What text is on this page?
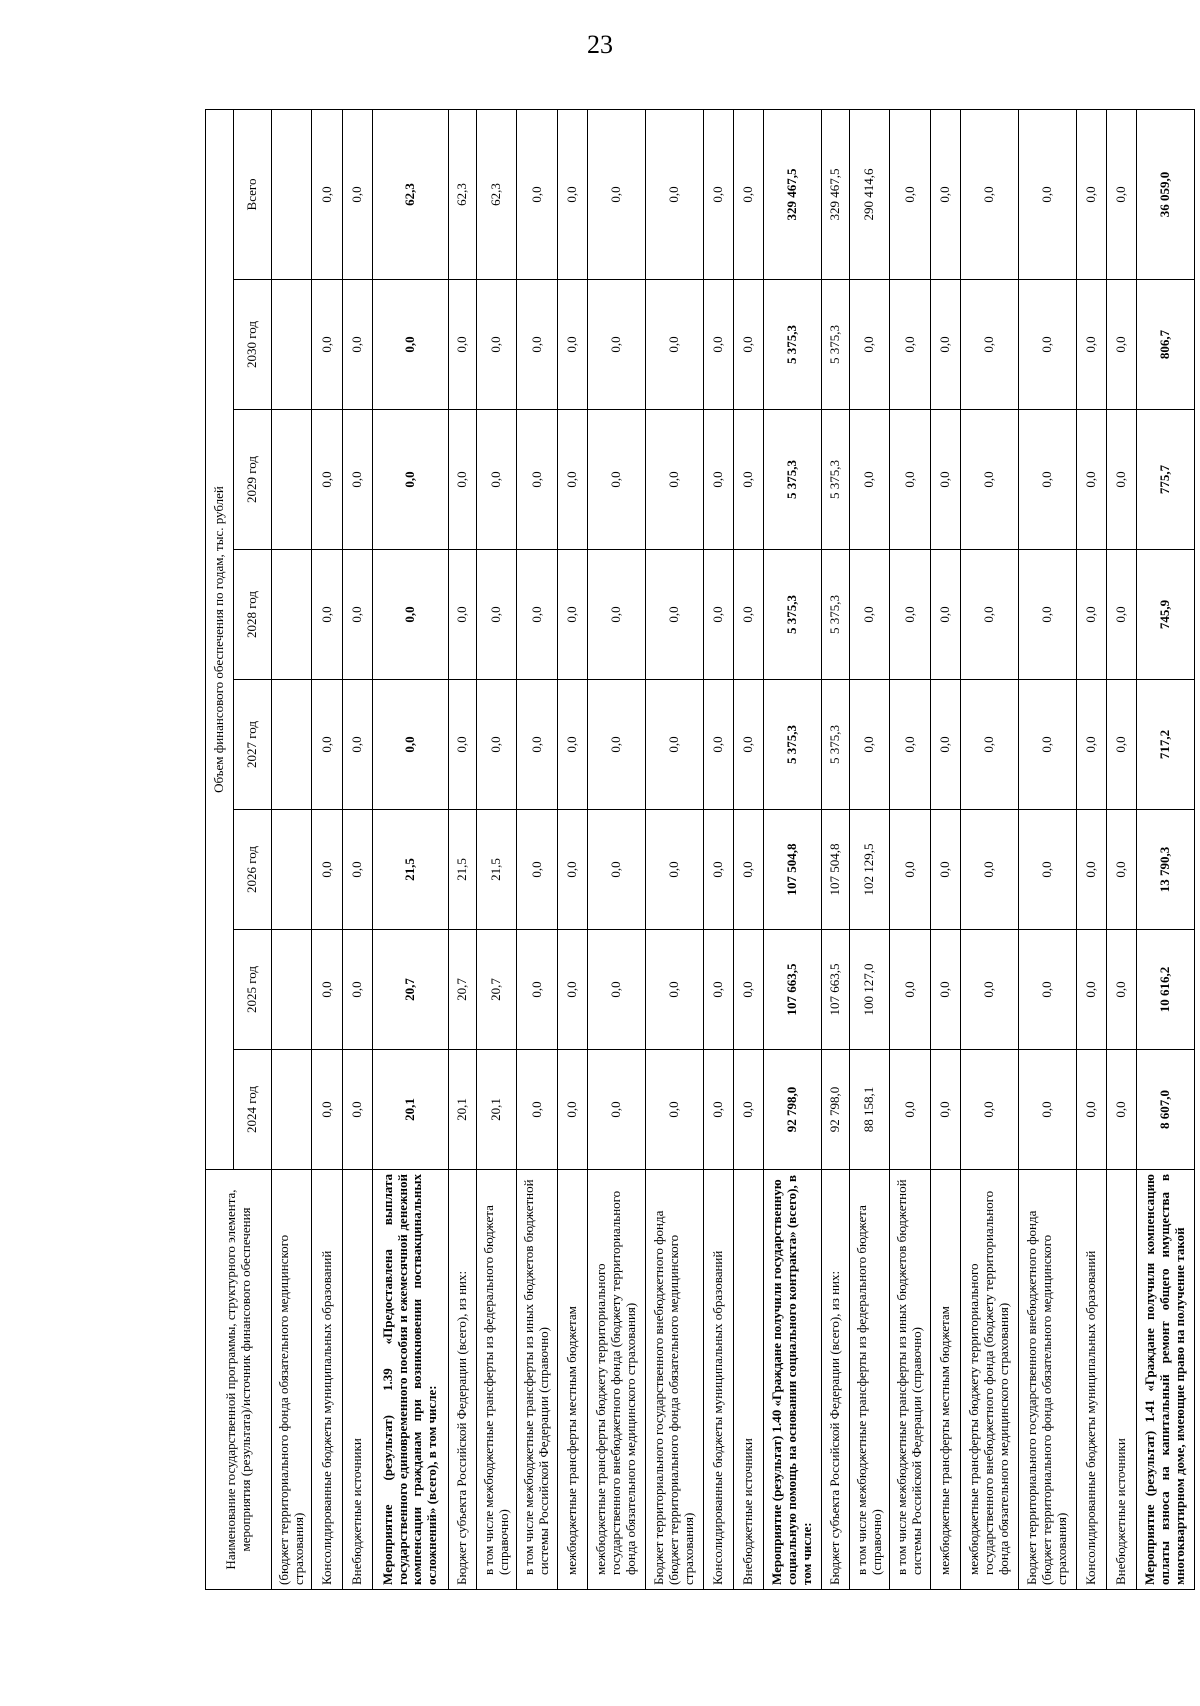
23
Наименование государственной программы, структурного элемента, мероприятия (результата)/источник финансового обеспечения	Объем финансового обеспечения по годам, тыс. рублей							
	2024 год	2025 год	2026 год	2027 год	2028 год	2029 год	2030 год	Всего
(бюджет территориального фонда обязательного медицинского страхования)								
Консолидированные бюджеты муниципальных образований	0,0	0,0	0,0	0,0	0,0	0,0	0,0	0,0
Внебюджетные источники	0,0	0,0	0,0	0,0	0,0	0,0	0,0	0,0
Мероприятие (результат) 1.39 «Предоставлена выплата государственного единовременного пособия и ежемесячной денежной компенсации гражданам при возникновении поствакцинальных осложнений» (всего), в том числе:	20,1	20,7	21,5	0,0	0,0	0,0	0,0	62,3
Бюджет субъекта Российской Федерации (всего), из них:	20,1	20,7	21,5	0,0	0,0	0,0	0,0	62,3
в том числе межбюджетные трансферты из федерального бюджета (справочно)	20,1	20,7	21,5	0,0	0,0	0,0	0,0	62,3
в том числе межбюджетные трансферты из иных бюджетов бюджетной системы Российской Федерации (справочно)	0,0	0,0	0,0	0,0	0,0	0,0	0,0	0,0
межбюджетные трансферты местным бюджетам	0,0	0,0	0,0	0,0	0,0	0,0	0,0	0,0
межбюджетные трансферты бюджету территориального государственного внебюджетного фонда (бюджету территориального фонда обязательного медицинского страхования)	0,0	0,0	0,0	0,0	0,0	0,0	0,0	0,0
Бюджет территориального государственного внебюджетного фонда (бюджет территориального фонда обязательного медицинского страхования)	0,0	0,0	0,0	0,0	0,0	0,0	0,0	0,0
Консолидированные бюджеты муниципальных образований	0,0	0,0	0,0	0,0	0,0	0,0	0,0	0,0
Внебюджетные источники	0,0	0,0	0,0	0,0	0,0	0,0	0,0	0,0
Мероприятие (результат) 1.40 «Граждане получили государственную социальную помощь на основании социального контракта» (всего), в том числе:	92 798,0	107 663,5	107 504,8	5 375,3	5 375,3	5 375,3	5 375,3	329 467,5
Бюджет субъекта Российской Федерации (всего), из них:	92 798,0	107 663,5	107 504,8	5 375,3	5 375,3	5 375,3	5 375,3	329 467,5
в том числе межбюджетные трансферты из федерального бюджета (справочно)	88 158,1	100 127,0	102 129,5	0,0	0,0	0,0	0,0	290 414,6
в том числе межбюджетные трансферты из иных бюджетов бюджетной системы Российской Федерации (справочно)	0,0	0,0	0,0	0,0	0,0	0,0	0,0	0,0
межбюджетные трансферты местным бюджетам	0,0	0,0	0,0	0,0	0,0	0,0	0,0	0,0
межбюджетные трансферты бюджету территориального государственного внебюджетного фонда (бюджету территориального фонда обязательного медицинского страхования)	0,0	0,0	0,0	0,0	0,0	0,0	0,0	0,0
Бюджет территориального государственного внебюджетного фонда (бюджет территориального фонда обязательного медицинского страхования)	0,0	0,0	0,0	0,0	0,0	0,0	0,0	0,0
Консолидированные бюджеты муниципальных образований	0,0	0,0	0,0	0,0	0,0	0,0	0,0	0,0
Внебюджетные источники	0,0	0,0	0,0	0,0	0,0	0,0	0,0	0,0
Мероприятие (результат) 1.41 «Граждане получили компенсацию оплаты взноса на капитальный ремонт общего имущества в многоквартирном доме, имеющие право на получение такой	8 607,0	10 616,2	13 790,3	717,2	745,9	775,7	806,7	36 059,0
